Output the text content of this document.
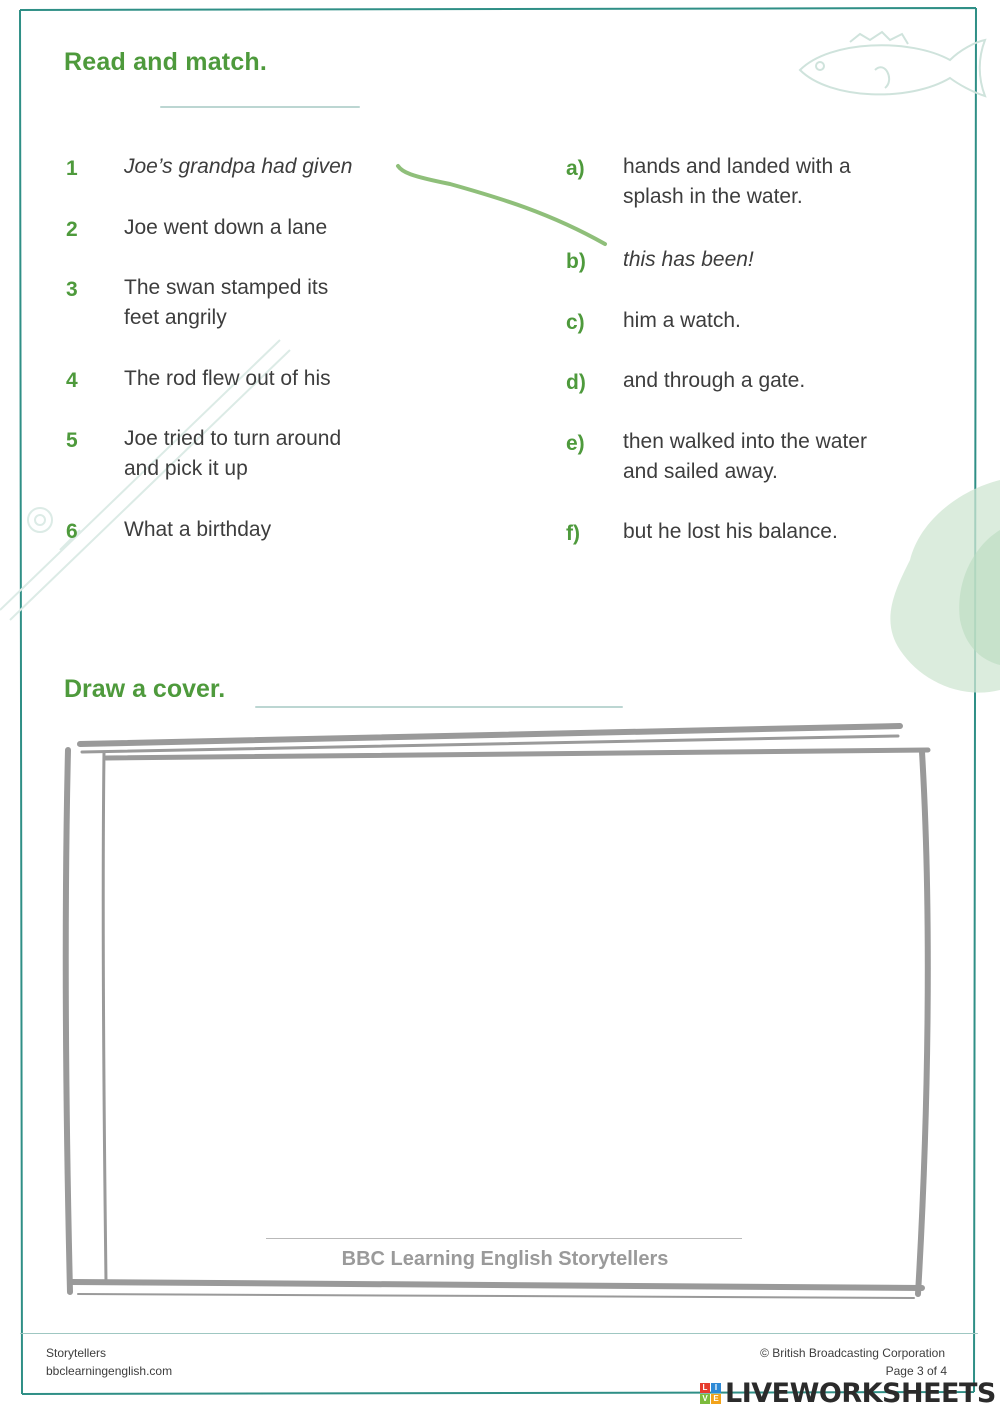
Read and match.
1 Joe’s grandpa had given
2 Joe went down a lane
3 The swan stamped its
feet angrily
4 The rod flew out of his
5 Joe tried to turn around
and pick it up
6 What a birthday
a) hands and landed with a
splash in the water.
b) this has been!
c) him a watch.
d) and through a gate.
e) then walked into the water
and sailed away.
f) but he lost his balance.
Draw a cover.
BBC Learning English Storytellers
Storytellers
bbclearningenglish.com
© British Broadcasting Corporation
Page 3 of 4
L I
V E LIVEWORKSHEETS
